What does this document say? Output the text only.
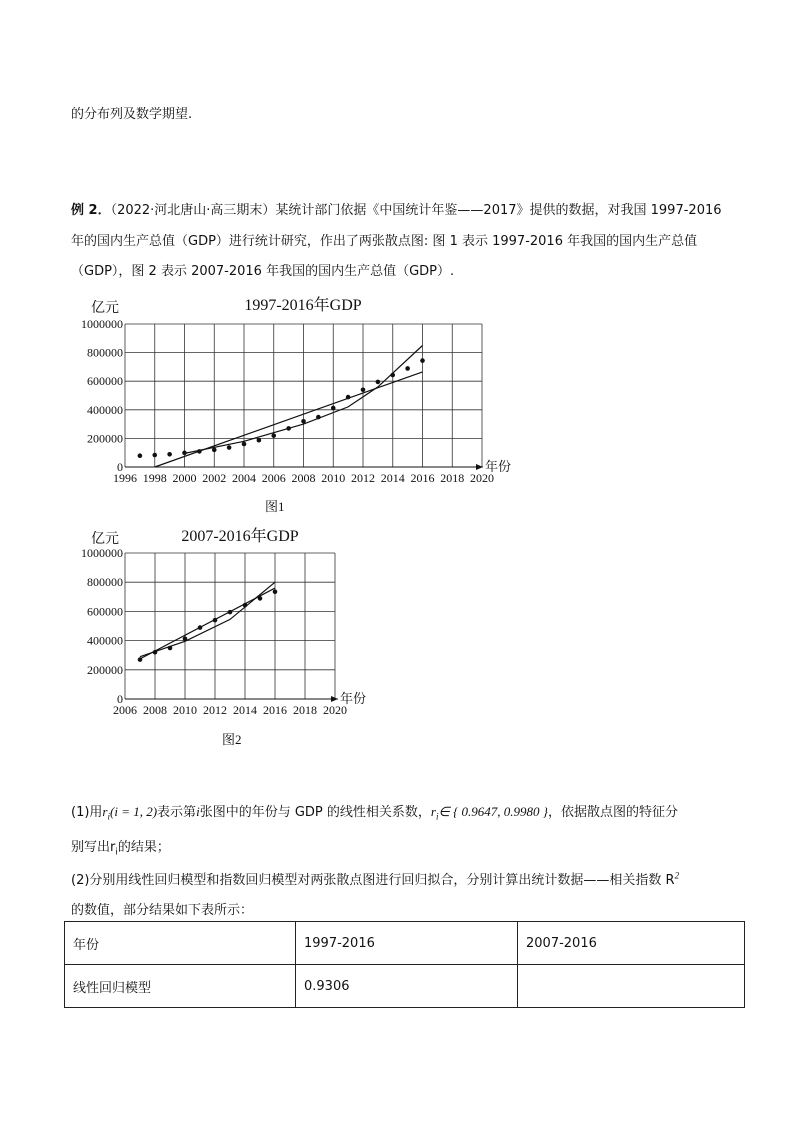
的分布列及数学期望.
例 2．（2022·河北唐山·高三期末）某统计部门依据《中国统计年鉴——2017》提供的数据，对我国 1997-2016
年的国内生产总值（GDP）进行统计研究，作出了两张散点图: 图 1 表示 1997-2016 年我国的国内生产总值
（GDP），图 2 表示 2007-2016 年我国的国内生产总值（GDP）.
1996 1998 2000 2002 2004 2006 2008 2010 2012 2014 2016 2018 2020
0
200000
400000
600000
800000
1000000
亿元
年份
1997-2016年GDP
图1
2006 2008 2010 2012 2014 2016 2018 2020
0
200000
400000
600000
800000
1000000
亿元
年份
2007-2016年GDP
图2
(1)用$r_i(i = 1$, 2)表示第i张图中的年份与 GDP 的线性相关系数，$r_i\in$ { 0.9647, 0.9980 }，依据散点图的特征分
别写出$r_i$的结果；
(2)分别用线性回归模型和指数回归模型对两张散点图进行回归拟合，分别计算出统计数据——相关指数 $R^2$
的数值，部分结果如下表所示：
年份	1997-2016	2007-2016
线性回归模型	0.9306	
